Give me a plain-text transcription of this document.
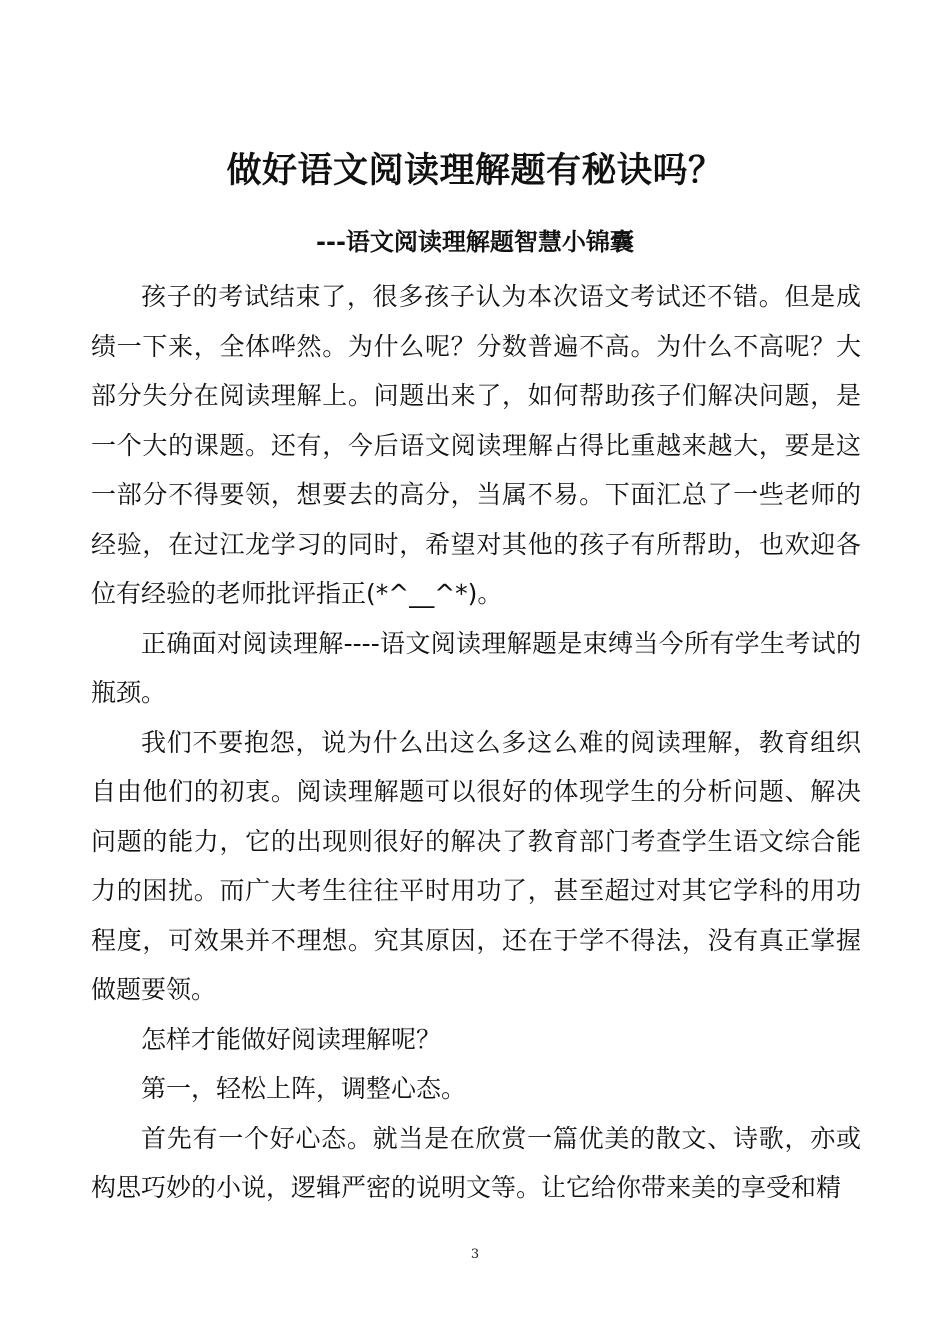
做好语文阅读理解题有秘诀吗？
---语文阅读理解题智慧小锦囊

孩子的考试结束了，很多孩子认为本次语文考试还不错。但是成绩一下来，全体哗然。为什么呢？分数普遍不高。为什么不高呢？大部分失分在阅读理解上。问题出来了，如何帮助孩子们解决问题，是一个大的课题。还有，今后语文阅读理解占得比重越来越大，要是这一部分不得要领，想要去的高分，当属不易。下面汇总了一些老师的经验，在过江龙学习的同时，希望对其他的孩子有所帮助，也欢迎各位有经验的老师批评指正(*^__^*)。

正确面对阅读理解----语文阅读理解题是束缚当今所有学生考试的瓶颈。

我们不要抱怨，说为什么出这么多这么难的阅读理解，教育组织自由他们的初衷。阅读理解题可以很好的体现学生的分析问题、解决问题的能力，它的出现则很好的解决了教育部门考查学生语文综合能力的困扰。而广大考生往往平时用功了，甚至超过对其它学科的用功程度，可效果并不理想。究其原因，还在于学不得法，没有真正掌握做题要领。

怎样才能做好阅读理解呢？

第一，轻松上阵，调整心态。

首先有一个好心态。就当是在欣赏一篇优美的散文、诗歌，亦或构思巧妙的小说，逻辑严密的说明文等。让它给你带来美的享受和精

3
